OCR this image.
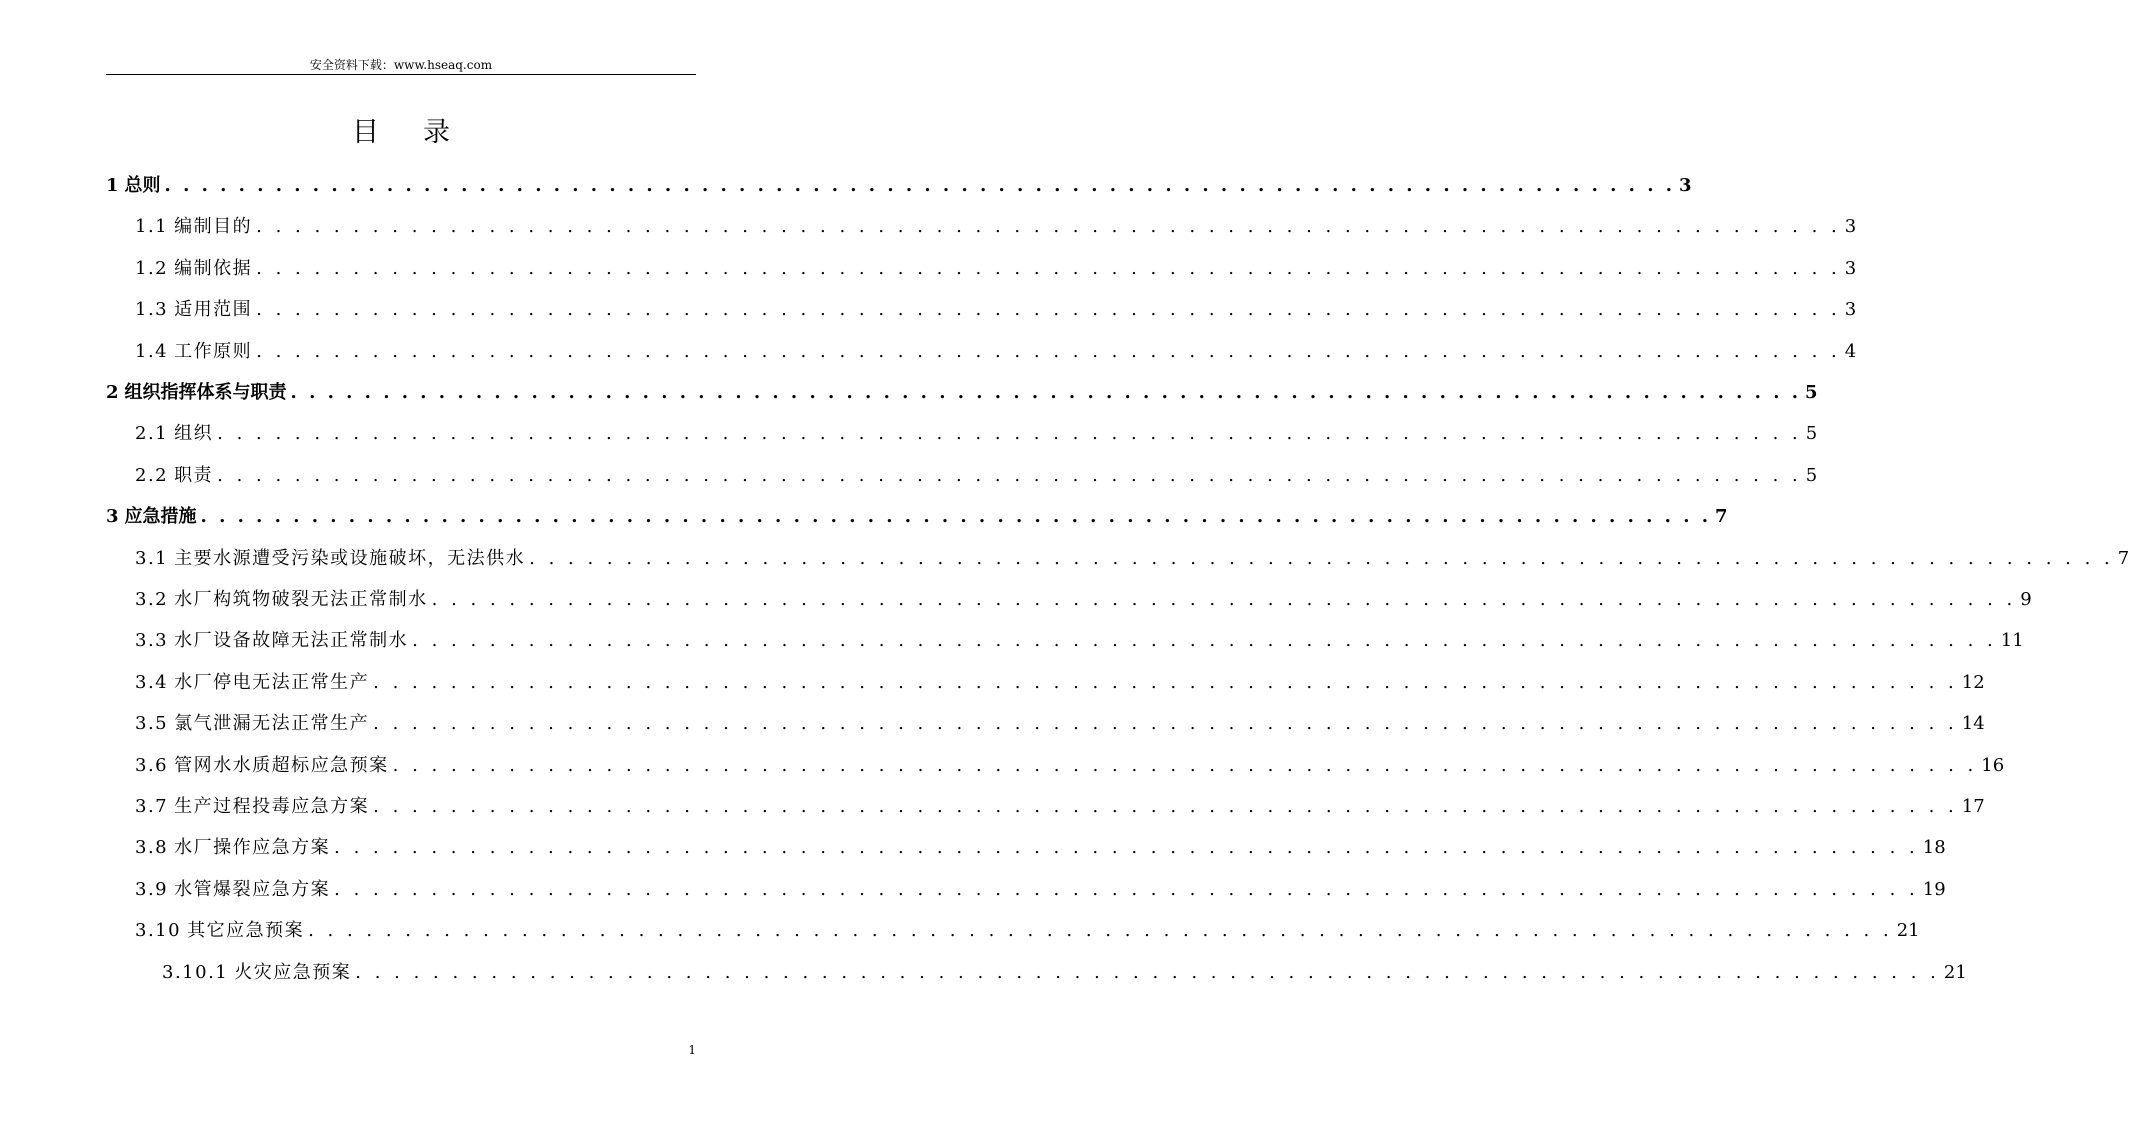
安全资料下载：www.hseaq.com
目录
1 总则 . . . . . . . . . . . . . . . . . . . . . . . . . . . . . . . . . . . . . . . . . . . . . . . . . . . . . . . . . . . . . . . . . . . . . . . . . . . . . . . . . . 3
1.1 编制目的 . . . . . . . . . . . . . . . . . . . . . . . . . . . . . . . . . . . . . . . . . . . . . . . . . . . . . . . . . . . . . . . . . . . . . . . . . . . . . . . . . . 3
1.2 编制依据 . . . . . . . . . . . . . . . . . . . . . . . . . . . . . . . . . . . . . . . . . . . . . . . . . . . . . . . . . . . . . . . . . . . . . . . . . . . . . . . . . . 3
1.3 适用范围 . . . . . . . . . . . . . . . . . . . . . . . . . . . . . . . . . . . . . . . . . . . . . . . . . . . . . . . . . . . . . . . . . . . . . . . . . . . . . . . . . . 3
1.4 工作原则 . . . . . . . . . . . . . . . . . . . . . . . . . . . . . . . . . . . . . . . . . . . . . . . . . . . . . . . . . . . . . . . . . . . . . . . . . . . . . . . . . . 4
2 组织指挥体系与职责 . . . . . . . . . . . . . . . . . . . . . . . . . . . . . . . . . . . . . . . . . . . . . . . . . . . . . . . . . . . . . . . . . . . . . . . . . . . . . . . . . . 5
2.1 组织 . . . . . . . . . . . . . . . . . . . . . . . . . . . . . . . . . . . . . . . . . . . . . . . . . . . . . . . . . . . . . . . . . . . . . . . . . . . . . . . . . . 5
2.2 职责 . . . . . . . . . . . . . . . . . . . . . . . . . . . . . . . . . . . . . . . . . . . . . . . . . . . . . . . . . . . . . . . . . . . . . . . . . . . . . . . . . . 5
3 应急措施 . . . . . . . . . . . . . . . . . . . . . . . . . . . . . . . . . . . . . . . . . . . . . . . . . . . . . . . . . . . . . . . . . . . . . . . . . . . . . . . . . . 7
3.1 主要水源遭受污染或设施破坏，无法供水 . . . . . . . . . . . . . . . . . . . . . . . . . . . . . . . . . . . . . . . . . . . . . . . . . . . . . . . . . . . . . . . . . . . . . . . . . . . . . . . . . . 7
3.2 水厂构筑物破裂无法正常制水 . . . . . . . . . . . . . . . . . . . . . . . . . . . . . . . . . . . . . . . . . . . . . . . . . . . . . . . . . . . . . . . . . . . . . . . . . . . . . . . . . . 9
3.3 水厂设备故障无法正常制水 . . . . . . . . . . . . . . . . . . . . . . . . . . . . . . . . . . . . . . . . . . . . . . . . . . . . . . . . . . . . . . . . . . . . . . . . . . . . . . . . . . 11
3.4 水厂停电无法正常生产 . . . . . . . . . . . . . . . . . . . . . . . . . . . . . . . . . . . . . . . . . . . . . . . . . . . . . . . . . . . . . . . . . . . . . . . . . . . . . . . . . . 12
3.5 氯气泄漏无法正常生产 . . . . . . . . . . . . . . . . . . . . . . . . . . . . . . . . . . . . . . . . . . . . . . . . . . . . . . . . . . . . . . . . . . . . . . . . . . . . . . . . . . 14
3.6 管网水水质超标应急预案 . . . . . . . . . . . . . . . . . . . . . . . . . . . . . . . . . . . . . . . . . . . . . . . . . . . . . . . . . . . . . . . . . . . . . . . . . . . . . . . . . . 16
3.7 生产过程投毒应急方案 . . . . . . . . . . . . . . . . . . . . . . . . . . . . . . . . . . . . . . . . . . . . . . . . . . . . . . . . . . . . . . . . . . . . . . . . . . . . . . . . . . 17
3.8 水厂操作应急方案 . . . . . . . . . . . . . . . . . . . . . . . . . . . . . . . . . . . . . . . . . . . . . . . . . . . . . . . . . . . . . . . . . . . . . . . . . . . . . . . . . . 18
3.9 水管爆裂应急方案 . . . . . . . . . . . . . . . . . . . . . . . . . . . . . . . . . . . . . . . . . . . . . . . . . . . . . . . . . . . . . . . . . . . . . . . . . . . . . . . . . . 19
3.10 其它应急预案 . . . . . . . . . . . . . . . . . . . . . . . . . . . . . . . . . . . . . . . . . . . . . . . . . . . . . . . . . . . . . . . . . . . . . . . . . . . . . . . . . . 21
3.10.1 火灾应急预案 . . . . . . . . . . . . . . . . . . . . . . . . . . . . . . . . . . . . . . . . . . . . . . . . . . . . . . . . . . . . . . . . . . . . . . . . . . . . . . . . . . 21
1
